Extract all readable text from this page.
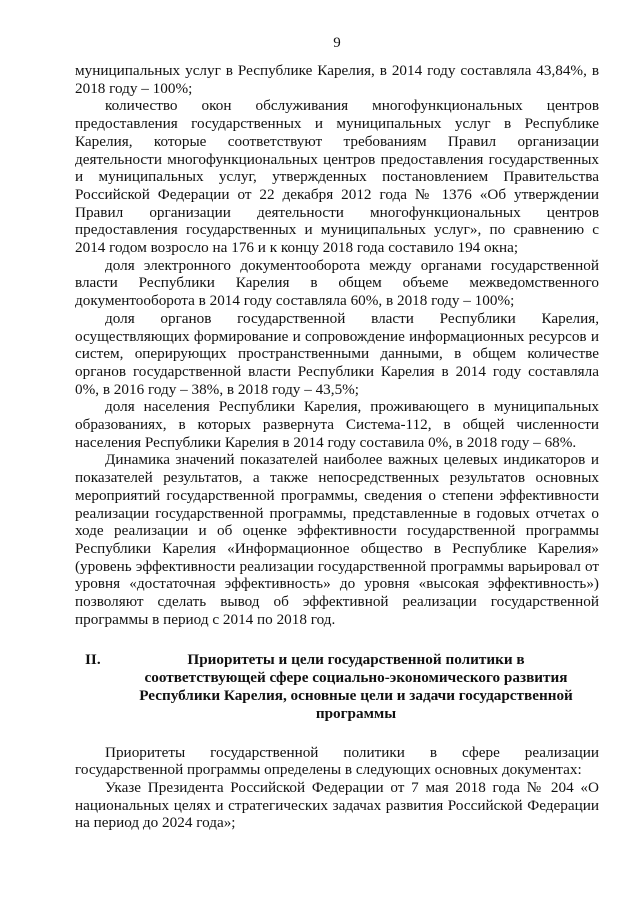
9

муниципальных услуг в Республике Карелия, в 2014 году составляла 43,84%, в 2018 году – 100%;

количество окон обслуживания многофункциональных центров предоставления государственных и муниципальных услуг в Республике Карелия, которые соответствуют требованиям Правил организации деятельности многофункциональных центров предоставления государственных и муниципальных услуг, утвержденных постановлением Правительства Российской Федерации от 22 декабря 2012 года № 1376 «Об утверждении Правил организации деятельности многофункциональных центров предоставления государственных и муниципальных услуг», по сравнению с 2014 годом возросло на 176 и к концу 2018 года составило 194 окна;

доля электронного документооборота между органами государственной власти Республики Карелия в общем объеме межведомственного документооборота в 2014 году составляла 60%, в 2018 году – 100%;

доля органов государственной власти Республики Карелия, осуществляющих формирование и сопровождение информационных ресурсов и систем, оперирующих пространственными данными, в общем количестве органов государственной власти Республики Карелия в 2014 году составляла 0%, в 2016 году – 38%, в 2018 году – 43,5%;

доля населения Республики Карелия, проживающего в муниципальных образованиях, в которых развернута Система-112, в общей численности населения Республики Карелия в 2014 году составила 0%, в 2018 году – 68%.

Динамика значений показателей наиболее важных целевых индикаторов и показателей результатов, а также непосредственных результатов основных мероприятий государственной программы, сведения о степени эффективности реализации государственной программы, представленные в годовых отчетах о ходе реализации и об оценке эффективности государственной программы Республики Карелия «Информационное общество в Республике Карелия» (уровень эффективности реализации государственной программы варьировал от уровня «достаточная эффективность» до уровня «высокая эффективность») позволяют сделать вывод об эффективной реализации государственной программы в период с 2014 по 2018 год.

II.	Приоритеты и цели государственной политики в соответствующей сфере социально-экономического развития Республики Карелия, основные цели и задачи государственной программы

Приоритеты государственной политики в сфере реализации государственной программы определены в следующих основных документах:

Указе Президента Российской Федерации от 7 мая 2018 года № 204 «О национальных целях и стратегических задачах развития Российской Федерации на период до 2024 года»;
